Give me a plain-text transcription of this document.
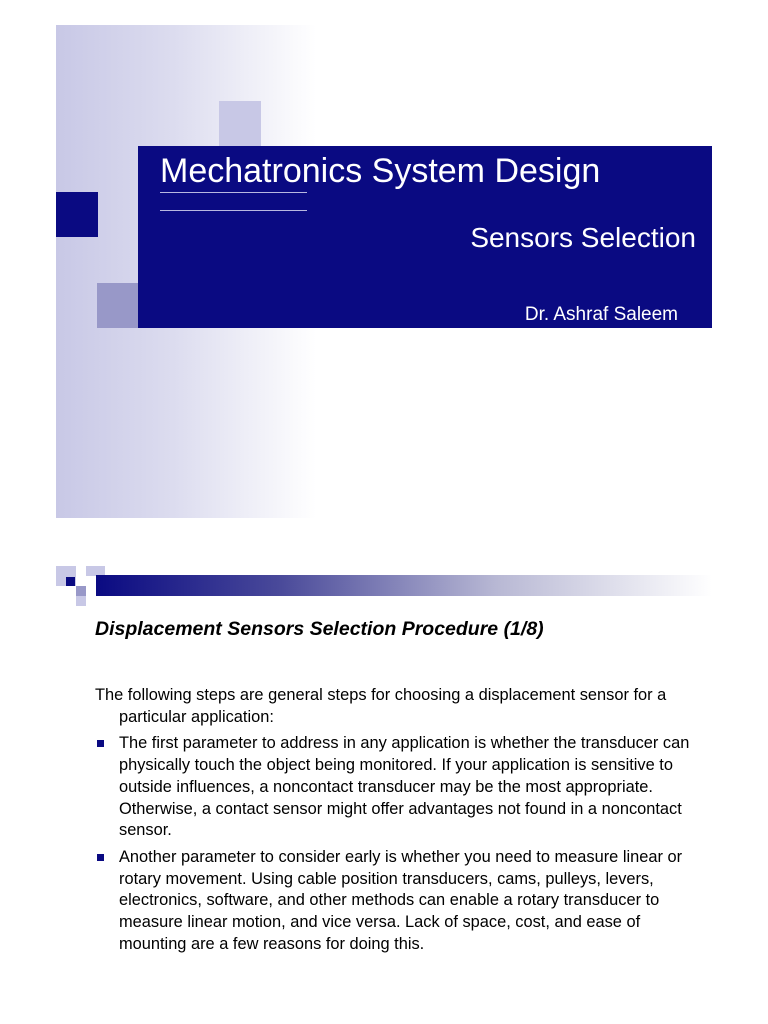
Mechatronics System Design
Sensors Selection
Dr. Ashraf Saleem
Displacement Sensors Selection Procedure (1/8)

The following steps are general steps for choosing a displacement sensor for a particular application:

The first parameter to address in any application is whether the transducer can physically touch the object being monitored. If your application is sensitive to outside influences, a noncontact transducer may be the most appropriate. Otherwise, a contact sensor might offer advantages not found in a noncontact sensor.
Another parameter to consider early is whether you need to measure linear or rotary movement. Using cable position transducers, cams, pulleys, levers, electronics, software, and other methods can enable a rotary transducer to measure linear motion, and vice versa. Lack of space, cost, and ease of mounting are a few reasons for doing this.
